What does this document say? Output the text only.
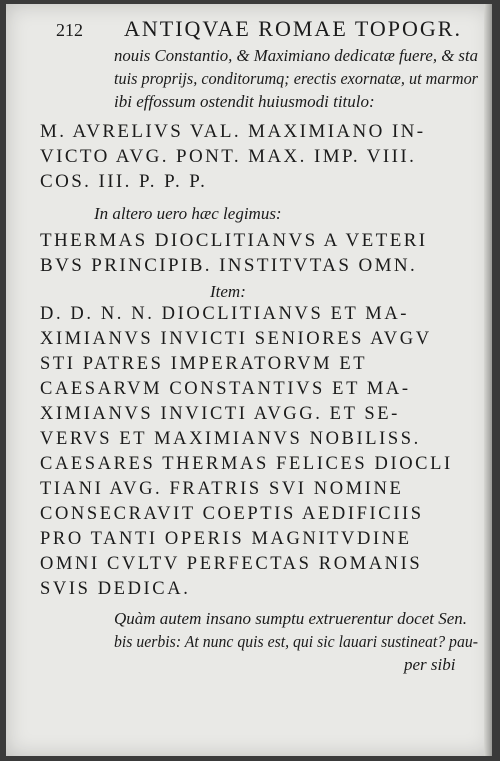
212 ANTIQVAE ROMAE TOPOGR.
nouis Constantio, & Maximiano dedicatæ fuere, & sta
tuis proprijs, conditorumq; erectis exornatæ, ut marmor
ibi effossum ostendit huiusmodi titulo:
M. AVRELIVS VAL. MAXIMIANO IN-
VICTO AVG. PONT. MAX. IMP. VIII.
COS. III. P. P. P.
In altero uero hæc legimus:
THERMAS DIOCLITIANVS A VETERI
BVS PRINCIPIB. INSTITVTAS OMN.
Item:
D. D. N. N. DIOCLITIANVS ET MA-
XIMIANVS INVICTI SENIORES AVGV
STI PATRES IMPERATORVM ET
CAESARVM CONSTANTIVS ET MA-
XIMIANVS INVICTI AVGG. ET SE-
VERVS ET MAXIMIANVS NOBILISS.
CAESARES THERMAS FELICES DIOCLI
TIANI AVG. FRATRIS SVI NOMINE
CONSECRAVIT COEPTIS AEDIFICIIS
PRO TANTI OPERIS MAGNITVDINE
OMNI CVLTV PERFECTAS ROMANIS
SVIS DEDICA.
Quàm autem insano sumptu extruerentur docet Sen.
bis uerbis: At nunc quis est, qui sic lauari sustineat? pau-
per sibi
